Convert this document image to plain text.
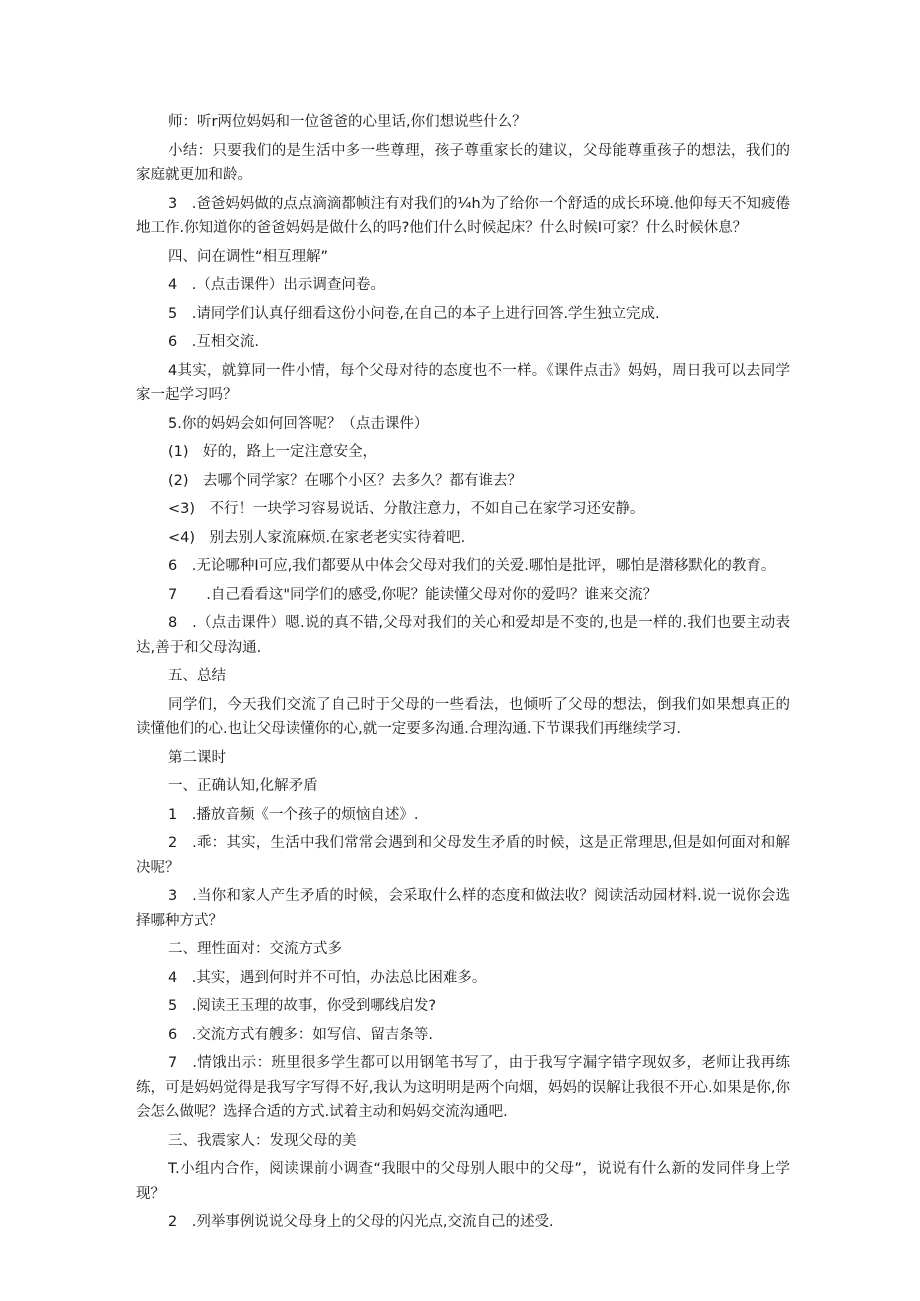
师：听r两位妈妈和一位爸爸的心里话,你们想说些什么？

小结：只要我们的是生活中多一些尊理，孩子尊重家长的建议，父母能尊重孩子的想法，我们的家庭就更加和龄。

3　.爸爸妈妈做的点点滴滴都帧注有对我们的¼h为了给你一个舒适的成长环境.他仰每天不知疲倦地工作.你知道你的爸爸妈妈是做什么的吗?他们什么时候起床？什么时候I可家？什么时候休息？

四、问在调性“相互理解”

4　.（点击课件）出示调查问卷。

5　.请同学们认真仔细看这份小问卷,在自己的本子上进行回答.学生独立完成.

6　.互相交流.

4其实，就算同一件小情，每个父母对待的态度也不一样。《课件点击》妈妈，周日我可以去同学家一起学习吗？

5.你的妈妈会如何回答呢？（点击课件）

(1)　好的，路上一定注意安全，

(2)　去哪个同学家？在哪个小区？去多久？都有谁去？

<3)　不行！一块学习容易说话、分散注意力，不如自己在家学习还安静。

<4)　别去别人家流麻烦.在家老老实实待着吧.

6　.无论哪种I可应,我们都要从中体会父母对我们的关爱.哪怕是批评，哪怕是潜移默化的教育。

7　　.自己看看这"同学们的感受,你呢？能读懂父母对你的爱吗？谁来交流？

8　.（点击课件）嗯.说的真不错,父母对我们的关心和爱却是不变的,也是一样的.我们也要主动表达,善于和父母沟通.

五、总结

同学们，今天我们交流了自己时于父母的一些看法，也倾听了父母的想法，倒我们如果想真正的读懂他们的心.也让父母读懂你的心,就一定要多沟通.合理沟通.下节课我们再继续学习.

第二课时

一、正确认知,化解矛盾

1　.播放音频《一个孩子的烦恼自述》.

2　.乖：其实，生活中我们常常会遇到和父母发生矛盾的时候，这是正常理思,但是如何面对和解决呢？

3　.当你和家人产生矛盾的时候，会采取什么样的态度和做法收？阅读活动园材料.说一说你会选择哪种方式？

二、理性面对：交流方式多

4　.其实，遇到何时并不可怕，办法总比困难多。

5　.阅读王玉理的故事，你受到哪线启发?

6　.交流方式有艘多：如写信、留吉条等.

7　.情饿出示：班里很多学生都可以用钢笔书写了，由于我写字漏字错字现奴多，老师让我再练练，可是妈妈觉得是我写字写得不好,我认为这明明是两个向烟，妈妈的误解让我很不开心.如果是你,你会怎么做呢？选择合适的方式.试着主动和妈妈交流沟通吧.

三、我震家人：发现父母的美

T.小组内合作，阅读课前小调查“我眼中的父母别人眼中的父母”，说说有什么新的发同伴身上学现？

2　.列举事例说说父母身上的父母的闪光点,交流自己的述受.
